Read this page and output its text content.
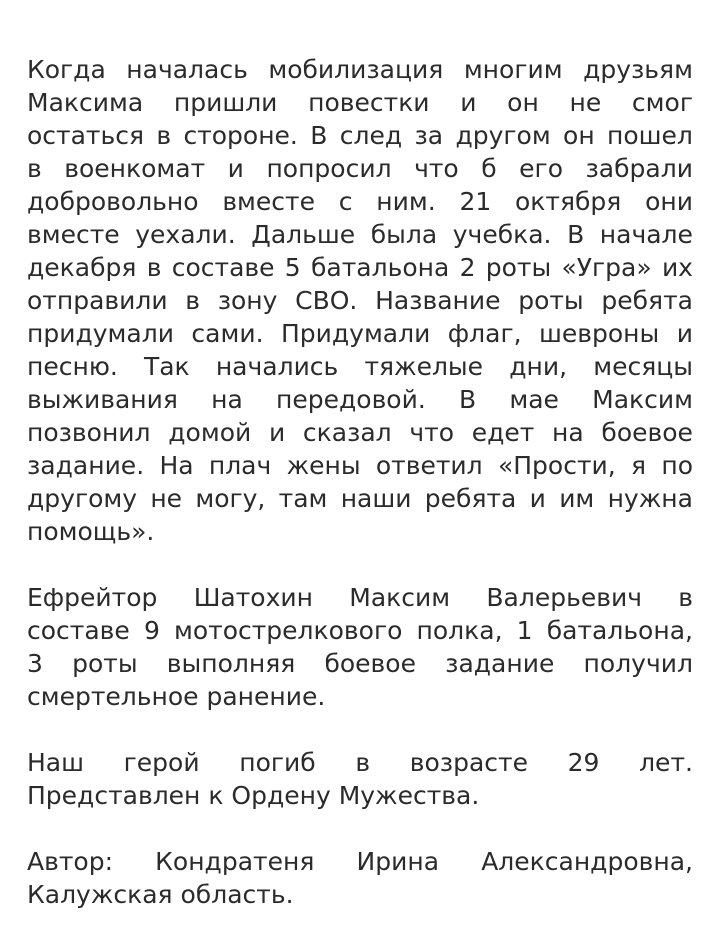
Когда началась мобилизация многим друзьям
Максима пришли повестки и он не смог
остаться в стороне. В след за другом он пошел
в военкомат и попросил что б его забрали
добровольно вместе с ним. 21 октября они
вместе уехали. Дальше была учебка. В начале
декабря в составе 5 батальона 2 роты «Угра» их
отправили в зону СВО. Название роты ребята
придумали сами. Придумали флаг, шевроны и
песню. Так начались тяжелые дни, месяцы
выживания на передовой. В мае Максим
позвонил домой и сказал что едет на боевое
задание. На плач жены ответил «Прости, я по
другому не могу, там наши ребята и им нужна
помощь».
Ефрейтор Шатохин Максим Валерьевич в
составе 9 мотострелкового полка, 1 батальона,
3 роты выполняя боевое задание получил
смертельное ранение.
Наш герой погиб в возрасте 29 лет.
Представлен к Ордену Мужества.
Автор: Кондратеня Ирина Александровна,
Калужская область.
